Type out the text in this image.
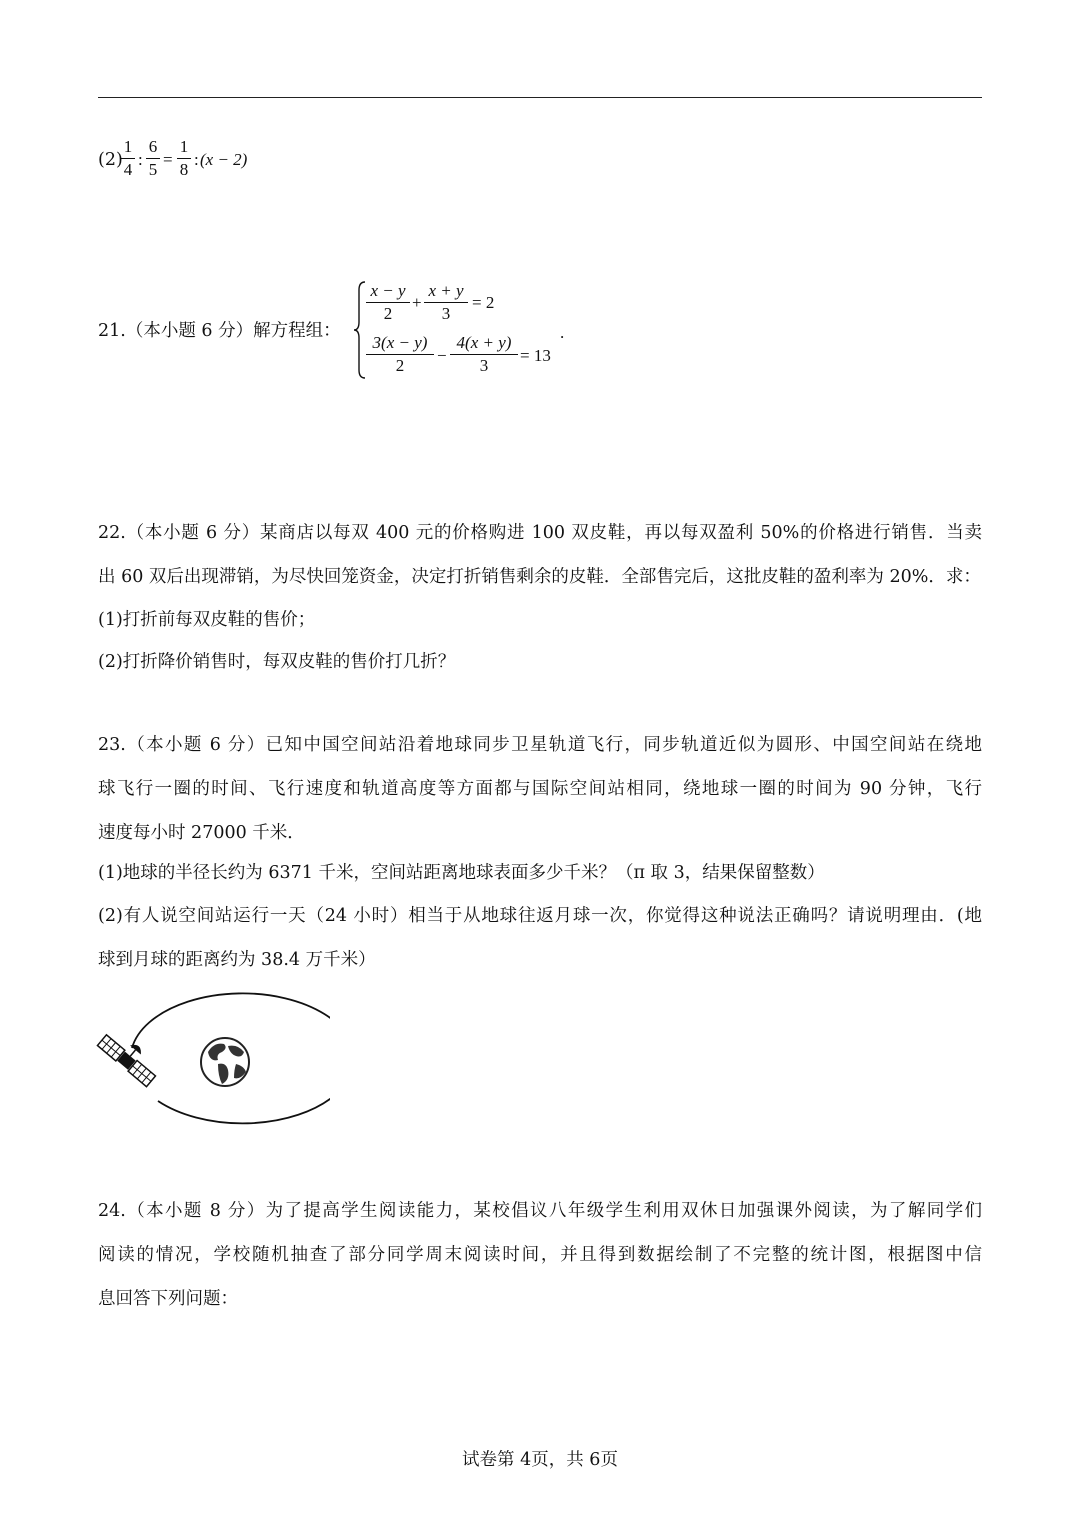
(2)
1
4
:
6
5
=
1
8
: (x − 2)
21.（本小题 6 分）解方程组：
x − y
2
+
x + y
3
= 2
3(x − y)
2
−
4(x + y)
3
= 13
.
22.（本小题 6 分）某商店以每双 400 元的价格购进 100 双皮鞋，再以每双盈利 50%的价格进行销售．当卖
出 60 双后出现滞销，为尽快回笼资金，决定打折销售剩余的皮鞋．全部售完后，这批皮鞋的盈利率为 20%．求：
(1)打折前每双皮鞋的售价；
(2)打折降价销售时，每双皮鞋的售价打几折？
23.（本小题 6 分）已知中国空间站沿着地球同步卫星轨道飞行，同步轨道近似为圆形、中国空间站在绕地
球飞行一圈的时间、飞行速度和轨道高度等方面都与国际空间站相同，绕地球一圈的时间为 90 分钟，飞行
速度每小时 27000 千米．
(1)地球的半径长约为 6371 千米，空间站距离地球表面多少千米？（π 取 3，结果保留整数）
(2)有人说空间站运行一天（24 小时）相当于从地球往返月球一次，你觉得这种说法正确吗？请说明理由．(地
球到月球的距离约为 38.4 万千米）
24.（本小题 8 分）为了提高学生阅读能力，某校倡议八年级学生利用双休日加强课外阅读，为了解同学们
阅读的情况，学校随机抽查了部分同学周末阅读时间，并且得到数据绘制了不完整的统计图，根据图中信
息回答下列问题：
试卷第 4页，共 6页
